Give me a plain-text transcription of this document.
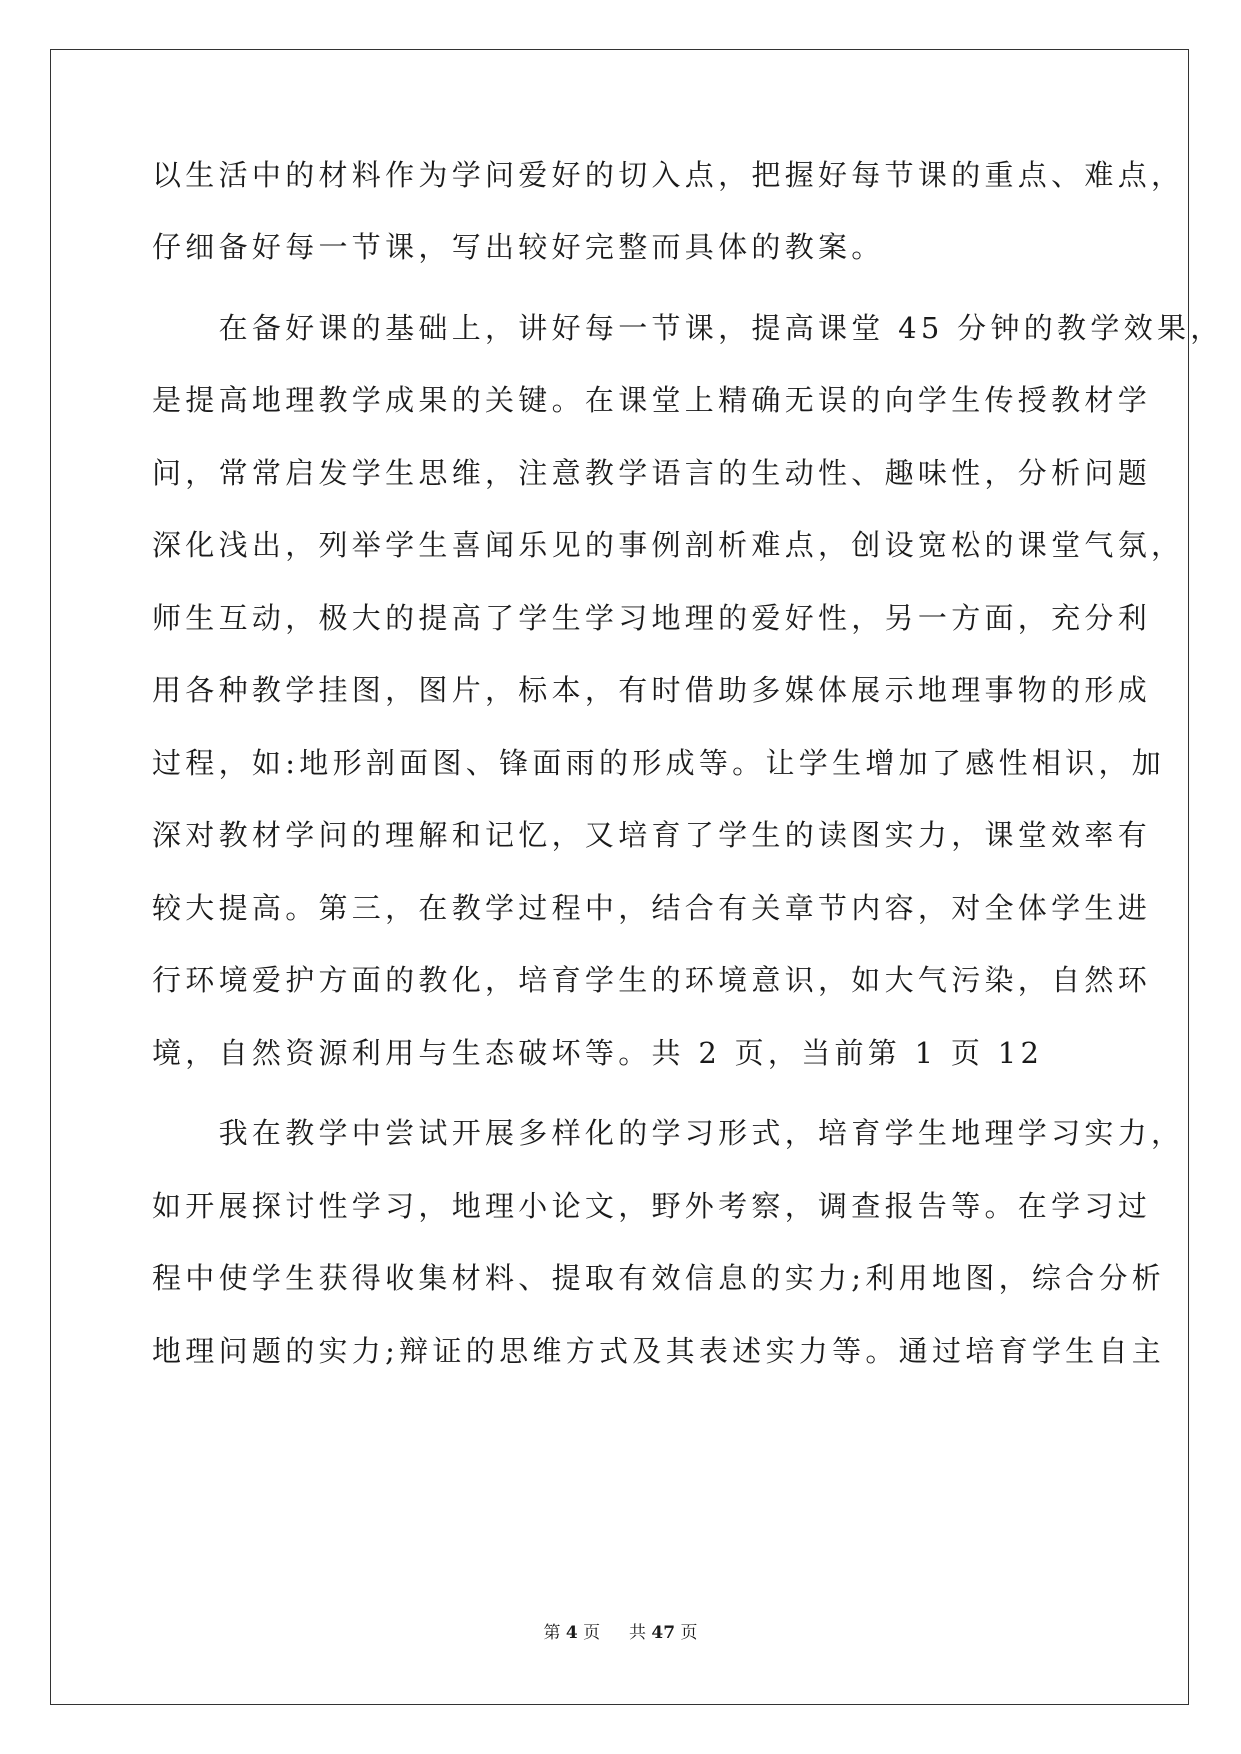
以生活中的材料作为学问爱好的切入点，把握好每节课的重点、难点，
仔细备好每一节课，写出较好完整而具体的教案。
　　在备好课的基础上，讲好每一节课，提高课堂 45 分钟的教学效果，
是提高地理教学成果的关键。在课堂上精确无误的向学生传授教材学
问，常常启发学生思维，注意教学语言的生动性、趣味性，分析问题
深化浅出，列举学生喜闻乐见的事例剖析难点，创设宽松的课堂气氛，
师生互动，极大的提高了学生学习地理的爱好性，另一方面，充分利
用各种教学挂图，图片，标本，有时借助多媒体展示地理事物的形成
过程，如:地形剖面图、锋面雨的形成等。让学生增加了感性相识，加
深对教材学问的理解和记忆，又培育了学生的读图实力，课堂效率有
较大提高。第三，在教学过程中，结合有关章节内容，对全体学生进
行环境爱护方面的教化，培育学生的环境意识，如大气污染，自然环
境，自然资源利用与生态破坏等。共 2 页，当前第 1 页 12
　　我在教学中尝试开展多样化的学习形式，培育学生地理学习实力，
如开展探讨性学习，地理小论文，野外考察，调查报告等。在学习过
程中使学生获得收集材料、提取有效信息的实力;利用地图，综合分析
地理问题的实力;辩证的思维方式及其表述实力等。通过培育学生自主
第 4 页 共 47 页
